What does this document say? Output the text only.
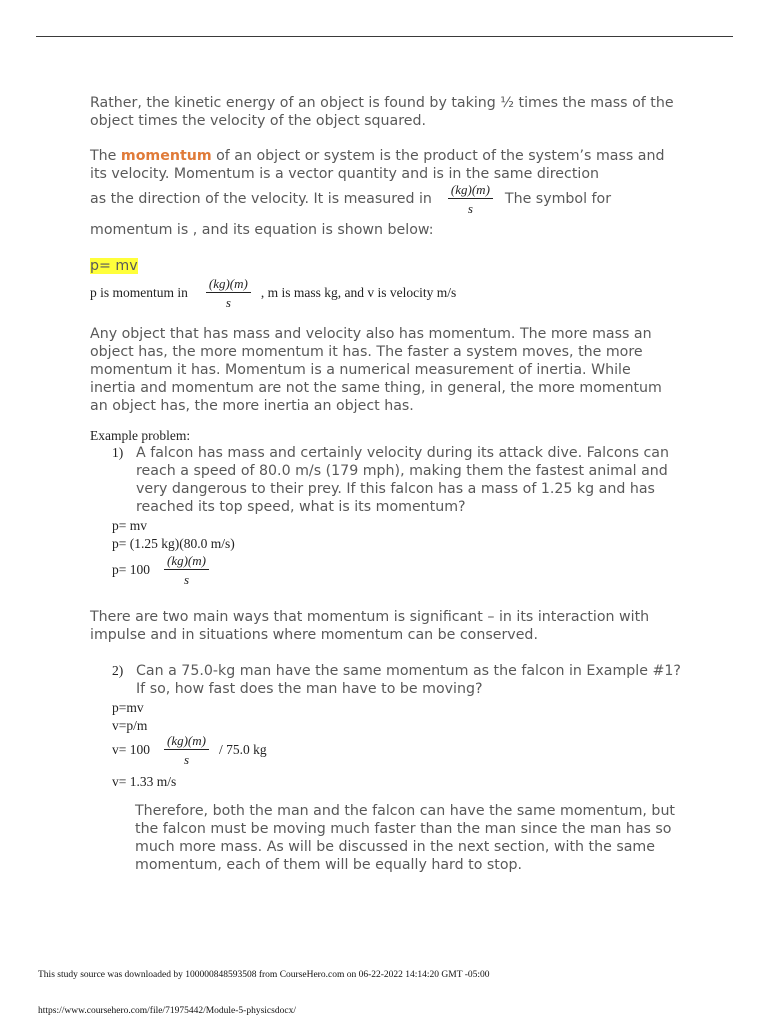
Rather, the kinetic energy of an object is found by taking ½ times the mass of the object times the velocity of the object squared.
The momentum of an object or system is the product of the system’s mass and its velocity. Momentum is a vector quantity and is in the same direction
as the direction of the velocity. It is measured in $\frac{(kg)(m)}{s}$ The symbol for
momentum is , and its equation is shown below:
p= mv
p is momentum in $\frac{(kg)(m)}{s}$ , m is mass kg, and v is velocity m/s
Any object that has mass and velocity also has momentum. The more mass an object has, the more momentum it has. The faster a system moves, the more momentum it has. Momentum is a numerical measurement of inertia. While inertia and momentum are not the same thing, in general, the more momentum an object has, the more inertia an object has.
Example problem:
1) A falcon has mass and certainly velocity during its attack dive. Falcons can reach a speed of 80.0 m/s (179 mph), making them the fastest animal and very dangerous to their prey. If this falcon has a mass of 1.25 kg and has reached its top speed, what is its momentum?
p= mv
p= (1.25 kg)(80.0 m/s)
$p= 100 \frac{(kg)(m)}{s}$
There are two main ways that momentum is significant – in its interaction with impulse and in situations where momentum can be conserved.
2) Can a 75.0-kg man have the same momentum as the falcon in Example #1? If so, how fast does the man have to be moving?
p=mv
v=p/m
$v= 100 \frac{(kg)(m)}{s} / 75.0$ kg
v= 1.33 m/s
Therefore, both the man and the falcon can have the same momentum, but the falcon must be moving much faster than the man since the man has so much more mass. As will be discussed in the next section, with the same momentum, each of them will be equally hard to stop.
This study source was downloaded by 100000848593508 from CourseHero.com on 06-22-2022 14:14:20 GMT -05:00
https://www.coursehero.com/file/71975442/Module-5-physicsdocx/
